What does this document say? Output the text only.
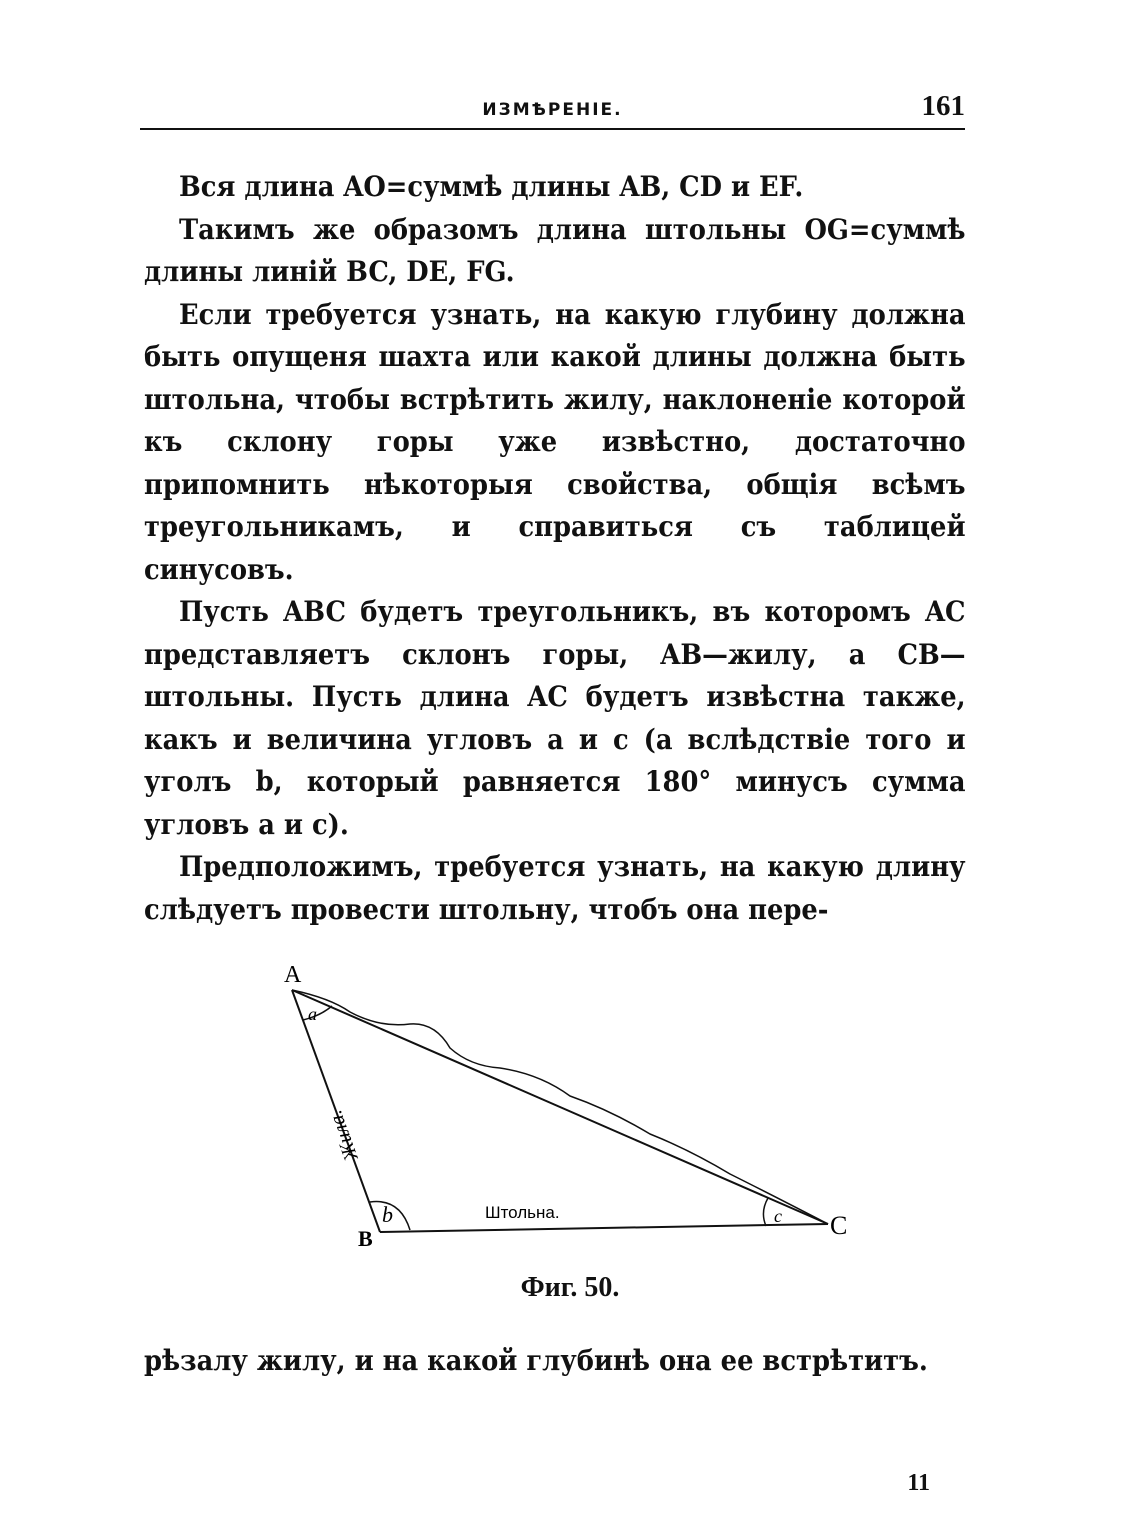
ИЗМѢРЕНІЕ.	161

Вся длина AO=суммѣ длины AB, CD и EF.

Такимъ же образомъ длина штольны OG=суммѣ длины линій BC, DE, FG.

Если требуется узнать, на какую глубину должна быть опущеня шахта или какой длины должна быть штольна, чтобы встрѣтить жилу, наклоненіе которой къ склону горы уже извѣстно, достаточно припомнить нѣкоторыя свойства, общія всѣмъ треугольникамъ, и справиться съ таблицей синусовъ.

Пусть ABC будетъ треугольникъ, въ которомъ AC представляетъ склонъ горы, AB—жилу, а CB—штольны. Пусть длина AC будетъ извѣстна также, какъ и величина угловъ a и c (а вслѣдствіе того и уголъ b, который равняется 180° минусъ сумма угловъ a и c).

Предположимъ, требуется узнать, на какую длину слѣдуетъ провести штольну, чтобъ она пере-

A
B	C
a
b	c
Жила.
Штольна.
Фиг. 50.

рѣзалу жилу, и на какой глубинѣ она ее встрѣтитъ.

11
